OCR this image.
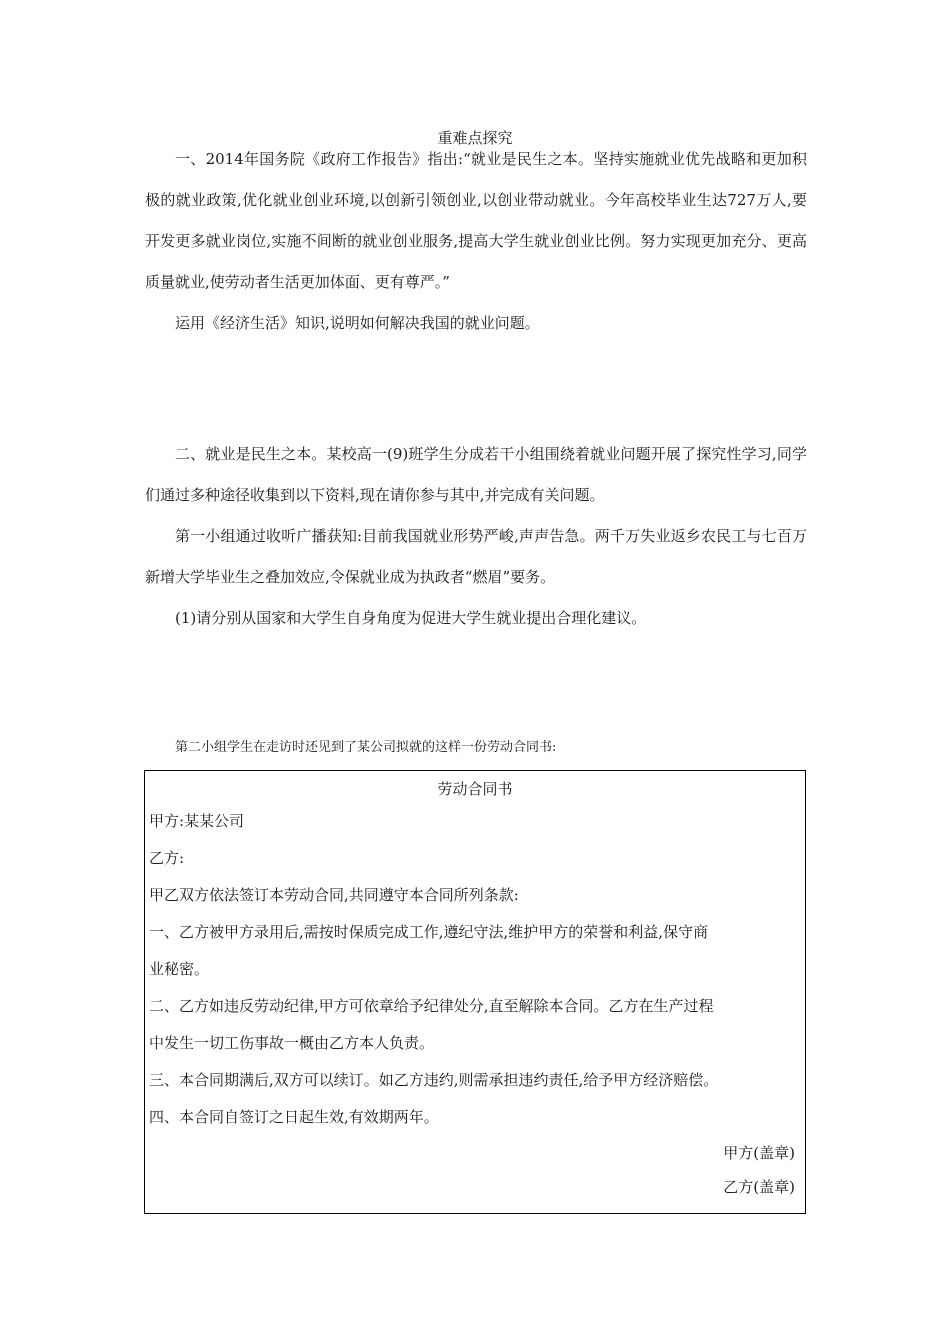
重难点探究

一、2014年国务院《政府工作报告》指出:“就业是民生之本。坚持实施就业优先战略和更加积极的就业政策,优化就业创业环境,以创新引领创业,以创业带动就业。今年高校毕业生达727万人,要开发更多就业岗位,实施不间断的就业创业服务,提高大学生就业创业比例。努力实现更加充分、更高质量就业,使劳动者生活更加体面、更有尊严。”

运用《经济生活》知识,说明如何解决我国的就业问题。

二、就业是民生之本。某校高一(9)班学生分成若干小组围绕着就业问题开展了探究性学习,同学们通过多种途径收集到以下资料,现在请你参与其中,并完成有关问题。

第一小组通过收听广播获知:目前我国就业形势严峻,声声告急。两千万失业返乡农民工与七百万新增大学毕业生之叠加效应,令保就业成为执政者“燃眉”要务。

(1)请分别从国家和大学生自身角度为促进大学生就业提出合理化建议。

第二小组学生在走访时还见到了某公司拟就的这样一份劳动合同书:
劳动合同书
甲方:某某公司
乙方:
甲乙双方依法签订本劳动合同,共同遵守本合同所列条款:
一、乙方被甲方录用后,需按时保质完成工作,遵纪守法,维护甲方的荣誉和利益,保守商
业秘密。
二、乙方如违反劳动纪律,甲方可依章给予纪律处分,直至解除本合同。乙方在生产过程
中发生一切工伤事故一概由乙方本人负责。
三、本合同期满后,双方可以续订。如乙方违约,则需承担违约责任,给予甲方经济赔偿。
四、本合同自签订之日起生效,有效期两年。
甲方(盖章)
乙方(盖章)
